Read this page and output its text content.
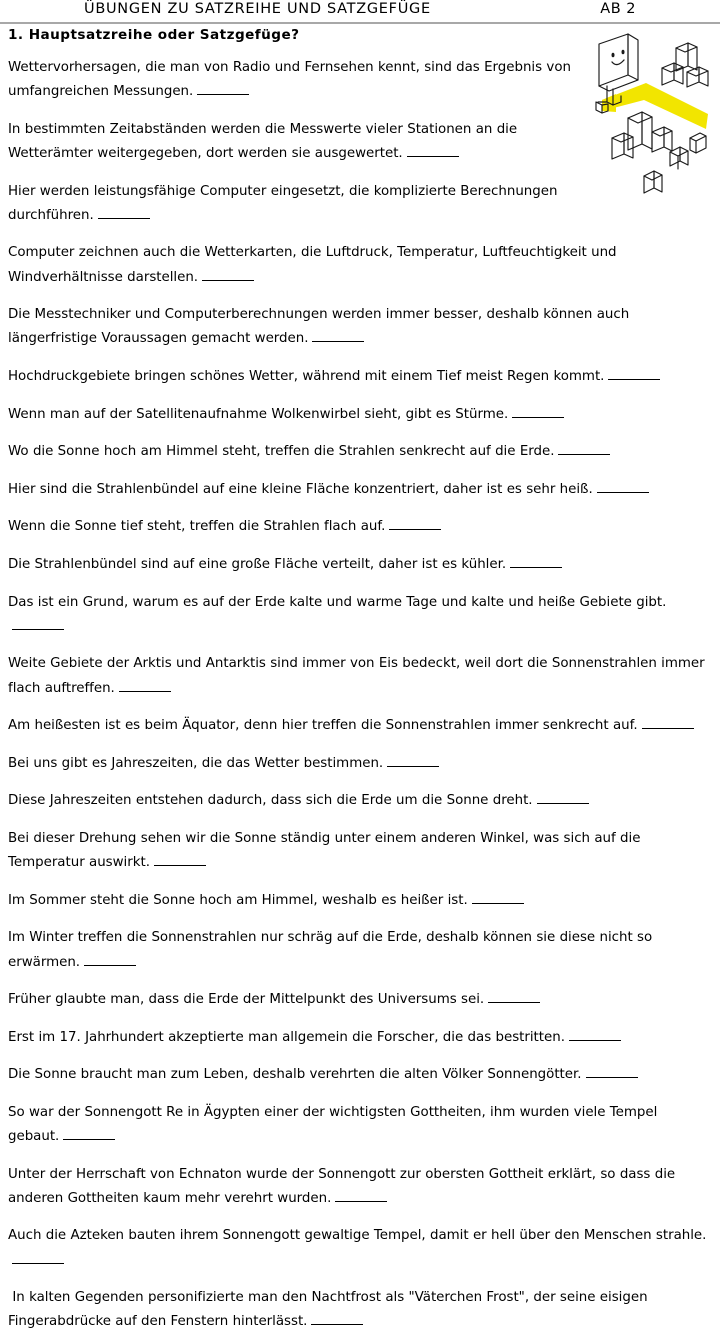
ÜBUNGEN ZU SATZREIHE UND SATZGEFÜGE	AB 2
1. Hauptsatzreihe oder Satzgefüge?

Wettervorhersagen, die man von Radio und Fernsehen kennt, sind das Ergebnis von umfangreichen Messungen.

In bestimmten Zeitabständen werden die Messwerte vieler Stationen an die Wetterämter weitergegeben, dort werden sie ausgewertet.

Hier werden leistungsfähige Computer eingesetzt, die komplizierte Berechnungen durchführen.

Computer zeichnen auch die Wetterkarten, die Luftdruck, Temperatur, Luftfeuchtigkeit und Windverhältnisse darstellen.

Die Messtechniker und Computerberechnungen werden immer besser, deshalb können auch längerfristige Voraussagen gemacht werden.

Hochdruckgebiete bringen schönes Wetter, während mit einem Tief meist Regen kommt.

Wenn man auf der Satellitenaufnahme Wolkenwirbel sieht, gibt es Stürme.

Wo die Sonne hoch am Himmel steht, treffen die Strahlen senkrecht auf die Erde.

Hier sind die Strahlenbündel auf eine kleine Fläche konzentriert, daher ist es sehr heiß.

Wenn die Sonne tief steht, treffen die Strahlen flach auf.

Die Strahlenbündel sind auf eine große Fläche verteilt, daher ist es kühler.

Das ist ein Grund, warum es auf der Erde kalte und warme Tage und kalte und heiße Gebiete gibt.

Weite Gebiete der Arktis und Antarktis sind immer von Eis bedeckt, weil dort die Sonnenstrahlen immer flach auftreffen.

Am heißesten ist es beim Äquator, denn hier treffen die Sonnenstrahlen immer senkrecht auf.

Bei uns gibt es Jahreszeiten, die das Wetter bestimmen.

Diese Jahreszeiten entstehen dadurch, dass sich die Erde um die Sonne dreht.

Bei dieser Drehung sehen wir die Sonne ständig unter einem anderen Winkel, was sich auf die Temperatur auswirkt.

Im Sommer steht die Sonne hoch am Himmel, weshalb es heißer ist.

Im Winter treffen die Sonnenstrahlen nur schräg auf die Erde, deshalb können sie diese nicht so erwärmen.

Früher glaubte man, dass die Erde der Mittelpunkt des Universums sei.

Erst im 17. Jahrhundert akzeptierte man allgemein die Forscher, die das bestritten.

Die Sonne braucht man zum Leben, deshalb verehrten die alten Völker Sonnengötter.

So war der Sonnengott Re in Ägypten einer der wichtigsten Gottheiten, ihm wurden viele Tempel gebaut.

Unter der Herrschaft von Echnaton wurde der Sonnengott zur obersten Gottheit erklärt, so dass die anderen Gottheiten kaum mehr verehrt wurden.

Auch die Azteken bauten ihrem Sonnengott gewaltige Tempel, damit er hell über den Menschen strahle.

In kalten Gegenden personifizierte man den Nachtfrost als "Väterchen Frost", der seine eisigen Fingerabdrücke auf den Fenstern hinterlässt.
